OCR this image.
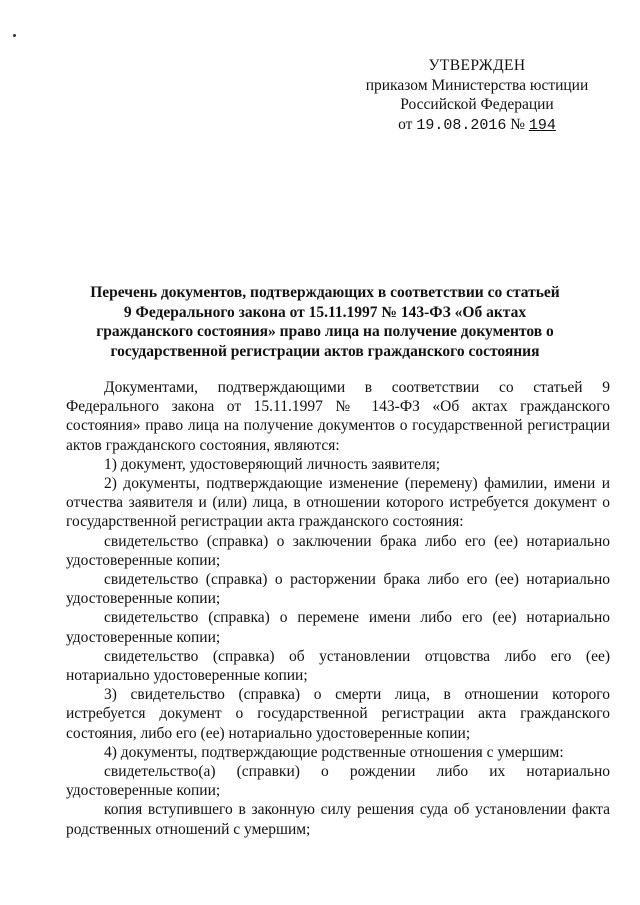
УТВЕРЖДЕН
приказом Министерства юстиции
Российской Федерации
от 19.08.2016 № 194
Перечень документов, подтверждающих в соответствии со статьей 9 Федерального закона от 15.11.1997 № 143-ФЗ «Об актах гражданского состояния» право лица на получение документов о государственной регистрации актов гражданского состояния

Документами, подтверждающими в соответствии со статьей 9 Федерального закона от 15.11.1997 № 143-ФЗ «Об актах гражданского состояния» право лица на получение документов о государственной регистрации актов гражданского состояния, являются:

1) документ, удостоверяющий личность заявителя;

2) документы, подтверждающие изменение (перемену) фамилии, имени и отчества заявителя и (или) лица, в отношении которого истребуется документ о государственной регистрации акта гражданского состояния:

свидетельство (справка) о заключении брака либо его (ее) нотариально удостоверенные копии;

свидетельство (справка) о расторжении брака либо его (ее) нотариально удостоверенные копии;

свидетельство (справка) о перемене имени либо его (ее) нотариально удостоверенные копии;

свидетельство (справка) об установлении отцовства либо его (ее) нотариально удостоверенные копии;

3) свидетельство (справка) о смерти лица, в отношении которого истребуется документ о государственной регистрации акта гражданского состояния, либо его (ее) нотариально удостоверенные копии;

4) документы, подтверждающие родственные отношения с умершим:

свидетельство(а) (справки) о рождении либо их нотариально удостоверенные копии;

копия вступившего в законную силу решения суда об установлении факта родственных отношений с умершим;
